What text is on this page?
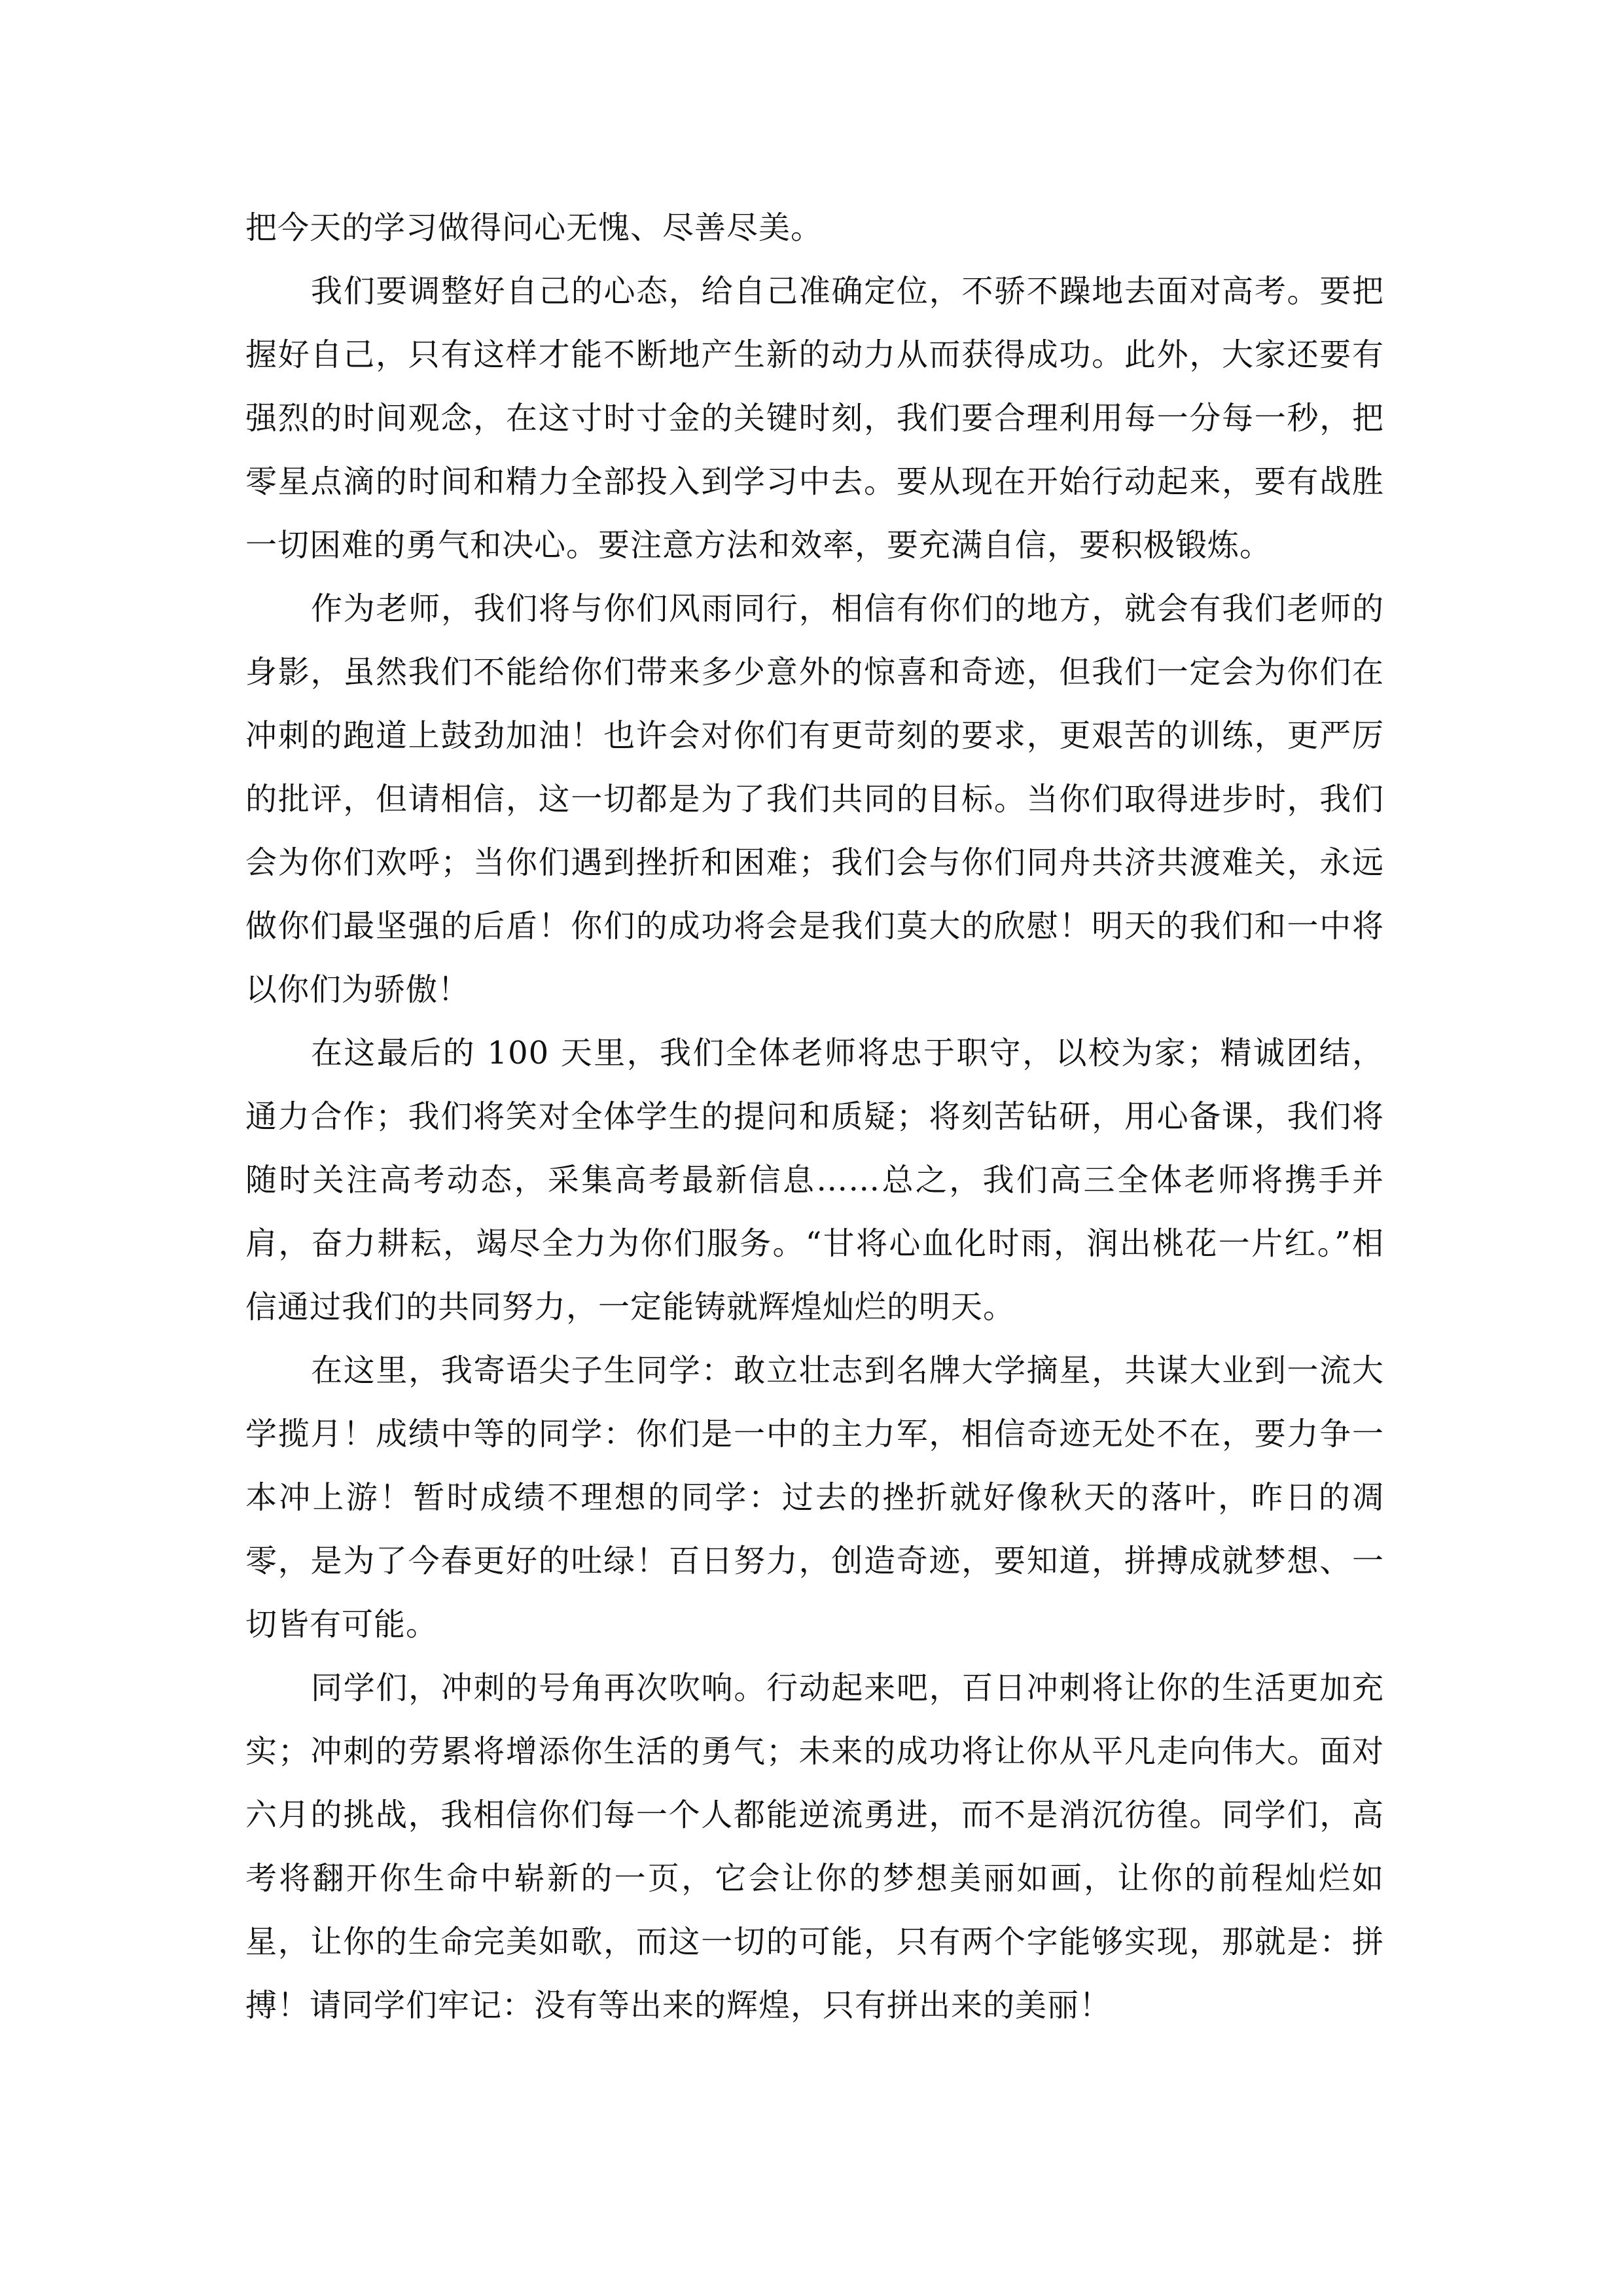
把今天的学习做得问心无愧、尽善尽美。

我们要调整好自己的心态，给自己准确定位，不骄不躁地去面对高考。要把握好自己，只有这样才能不断地产生新的动力从而获得成功。此外，大家还要有强烈的时间观念，在这寸时寸金的关键时刻，我们要合理利用每一分每一秒，把零星点滴的时间和精力全部投入到学习中去。要从现在开始行动起来，要有战胜一切困难的勇气和决心。要注意方法和效率，要充满自信，要积极锻炼。

作为老师，我们将与你们风雨同行，相信有你们的地方，就会有我们老师的身影，虽然我们不能给你们带来多少意外的惊喜和奇迹，但我们一定会为你们在冲刺的跑道上鼓劲加油！也许会对你们有更苛刻的要求，更艰苦的训练，更严厉的批评，但请相信，这一切都是为了我们共同的目标。当你们取得进步时，我们会为你们欢呼；当你们遇到挫折和困难；我们会与你们同舟共济共渡难关，永远做你们最坚强的后盾！你们的成功将会是我们莫大的欣慰！明天的我们和一中将以你们为骄傲！

在这最后的 100 天里，我们全体老师将忠于职守，以校为家；精诚团结，通力合作；我们将笑对全体学生的提问和质疑；将刻苦钻研，用心备课，我们将随时关注高考动态，采集高考最新信息……总之，我们高三全体老师将携手并肩，奋力耕耘，竭尽全力为你们服务。“甘将心血化时雨，润出桃花一片红。”相信通过我们的共同努力，一定能铸就辉煌灿烂的明天。

在这里，我寄语尖子生同学：敢立壮志到名牌大学摘星，共谋大业到一流大学揽月！成绩中等的同学：你们是一中的主力军，相信奇迹无处不在，要力争一本冲上游！暂时成绩不理想的同学：过去的挫折就好像秋天的落叶，昨日的凋零，是为了今春更好的吐绿！百日努力，创造奇迹，要知道，拼搏成就梦想、一切皆有可能。

同学们，冲刺的号角再次吹响。行动起来吧，百日冲刺将让你的生活更加充实；冲刺的劳累将增添你生活的勇气；未来的成功将让你从平凡走向伟大。面对六月的挑战，我相信你们每一个人都能逆流勇进，而不是消沉彷徨。同学们，高考将翻开你生命中崭新的一页，它会让你的梦想美丽如画，让你的前程灿烂如星，让你的生命完美如歌，而这一切的可能，只有两个字能够实现，那就是：拼搏！请同学们牢记：没有等出来的辉煌，只有拼出来的美丽！
